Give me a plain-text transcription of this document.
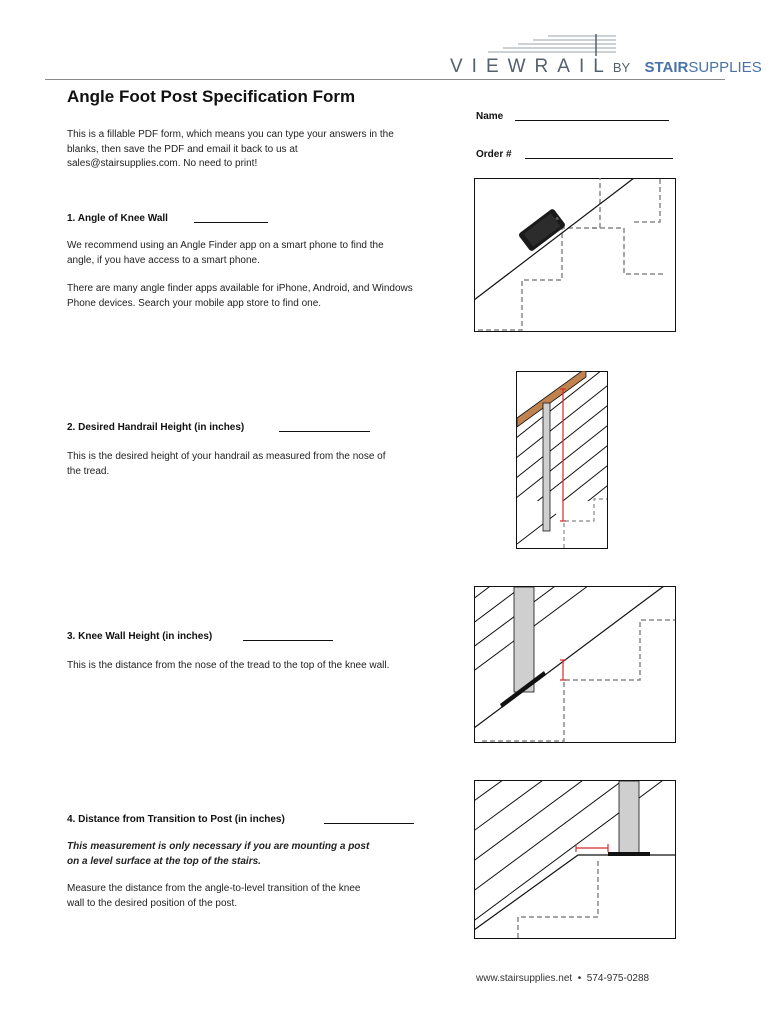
VIEWRAILBY STAIRSUPPLIES
Angle Foot Post Specification Form
This is a fillable PDF form, which means you can type your answers in the blanks, then save the PDF and email it back to us at sales@stairsupplies.com. No need to print!
Name
Order #
1. Angle of Knee Wall
We recommend using an Angle Finder app on a smart phone to find the angle, if you have access to a smart phone.
There are many angle finder apps available for iPhone, Android, and Windows Phone devices. Search your mobile app store to find one.
2. Desired Handrail Height (in inches)
This is the desired height of your handrail as measured from the nose of the tread.
3. Knee Wall Height (in inches)
This is the distance from the nose of the tread to the top of the knee wall.
4. Distance from Transition to Post (in inches)
This measurement is only necessary if you are mounting a post on a level surface at the top of the stairs.
Measure the distance from the angle-to-level transition of the knee wall to the desired position of the post.
www.stairsupplies.net • 574-975-0288
